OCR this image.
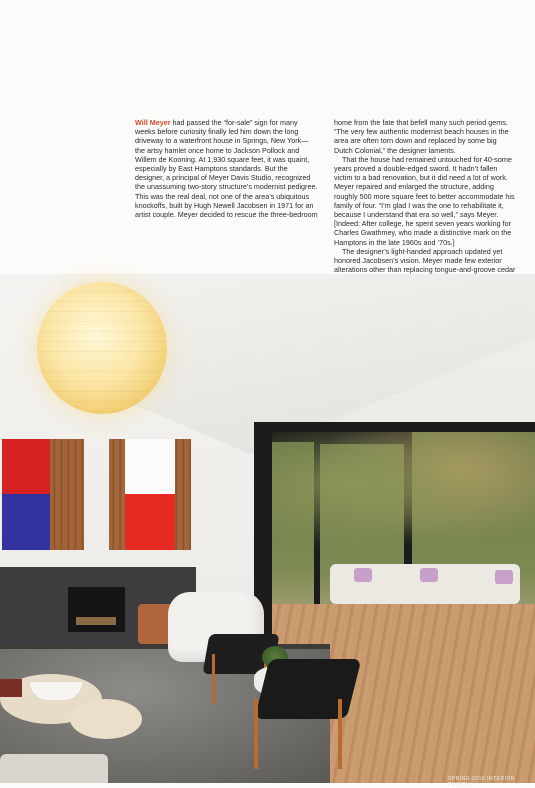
Will Meyer had passed the “for-sale” sign for many weeks before curiosity finally led him down the long driveway to a waterfront house in Springs, New York—the artsy hamlet once home to Jackson Pollock and Willem de Kooning. At 1,930 square feet, it was quaint, especially by East Hamptons standards. But the designer, a principal of Meyer Davis Studio, recognized the unassuming two-story structure’s modernist pedigree. This was the real deal, not one of the area’s ubiquitous knockoffs, built by Hugh Newell Jacobsen in 1971 for an artist couple. Meyer decided to rescue the three-bedroom

home from the fate that befell many such period gems. “The very few authentic modernist beach houses in the area are often torn down and replaced by some big Dutch Colonial,” the designer laments.

That the house had remained untouched for 40-some years proved a double-edged sword. It hadn’t fallen victim to a bad renovation, but it did need a lot of work. Meyer repaired and enlarged the structure, adding roughly 500 more square feet to better accommodate his family of four. “I’m glad I was the one to rehabilitate it, because I understand that era so well,” says Meyer. [Indeed: After college, he spent seven years working for Charles Gwathmey, who made a distinctive mark on the Hamptons in the late 1960s and ’70s.]

The designer’s light-handed approach updated yet honored Jacobsen’s vision. Meyer made few exterior alterations other than replacing tongue-and-groove cedar

SPRING 2016 INTERIOR DESIGN
